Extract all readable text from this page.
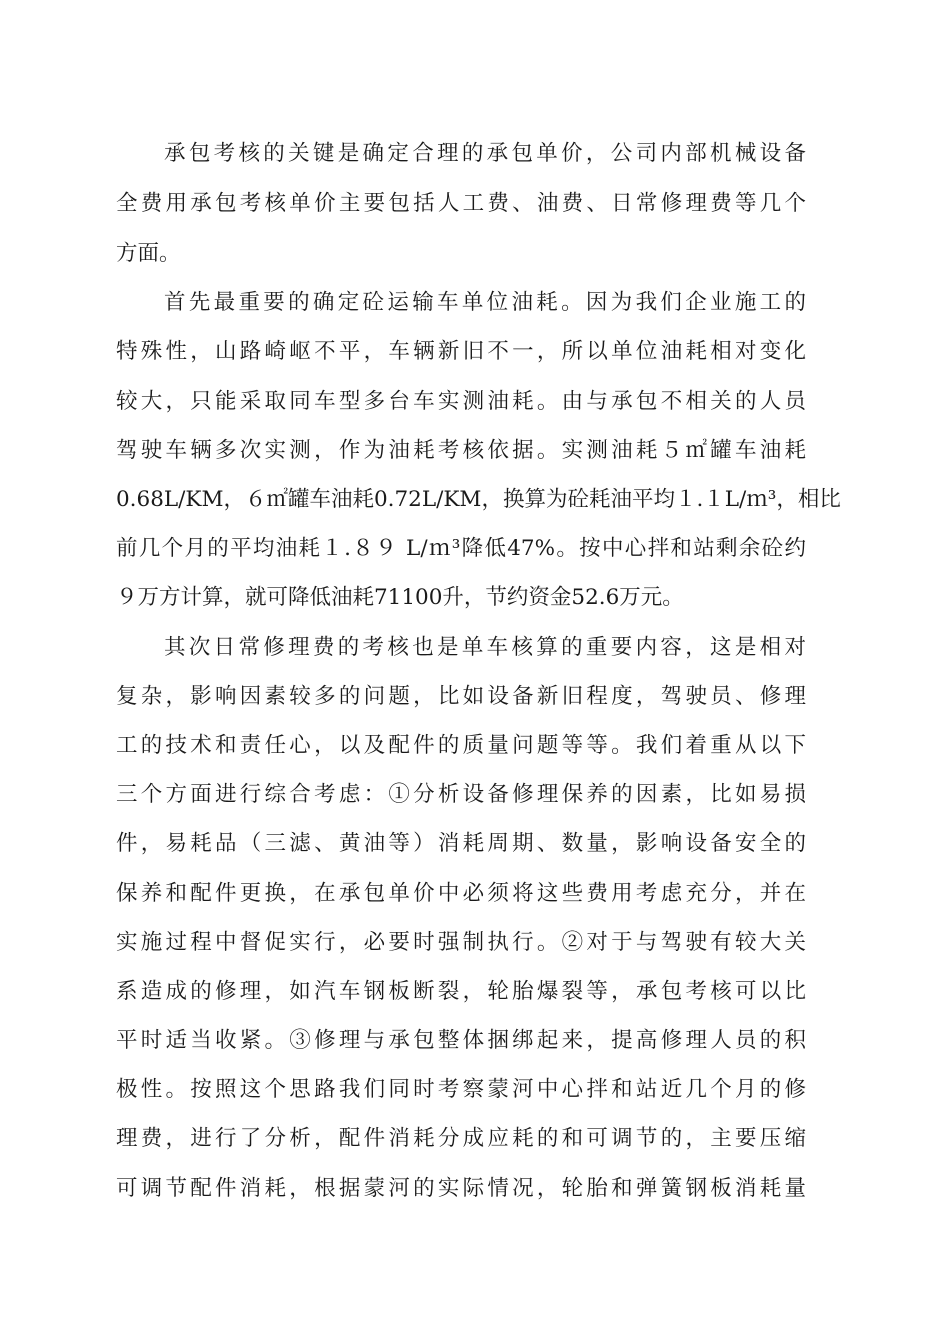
承包考核的关键是确定合理的承包单价，公司内部机械设备
全费用承包考核单价主要包括人工费、油费、日常修理费等几个
方面。
首先最重要的确定砼运输车单位油耗。因为我们企业施工的
特殊性，山路崎岖不平，车辆新旧不一，所以单位油耗相对变化
较大，只能采取同车型多台车实测油耗。由与承包不相关的人员
驾驶车辆多次实测，作为油耗考核依据。实测油耗５㎡罐车油耗
0.68L/KM，６㎡罐车油耗0.72L/KM，换算为砼耗油平均１.１L/ｍ³，相比
前几个月的平均油耗１.８９ L/ｍ³降低47%。按中心拌和站剩余砼约
９万方计算，就可降低油耗71100升，节约资金52.6万元。
其次日常修理费的考核也是单车核算的重要内容，这是相对
复杂，影响因素较多的问题，比如设备新旧程度，驾驶员、修理
工的技术和责任心，以及配件的质量问题等等。我们着重从以下
三个方面进行综合考虑：①分析设备修理保养的因素，比如易损
件，易耗品（三滤、黄油等）消耗周期、数量，影响设备安全的
保养和配件更换，在承包单价中必须将这些费用考虑充分，并在
实施过程中督促实行，必要时强制执行。②对于与驾驶有较大关
系造成的修理，如汽车钢板断裂，轮胎爆裂等，承包考核可以比
平时适当收紧。③修理与承包整体捆绑起来，提高修理人员的积
极性。按照这个思路我们同时考察蒙河中心拌和站近几个月的修
理费，进行了分析，配件消耗分成应耗的和可调节的，主要压缩
可调节配件消耗，根据蒙河的实际情况，轮胎和弹簧钢板消耗量
